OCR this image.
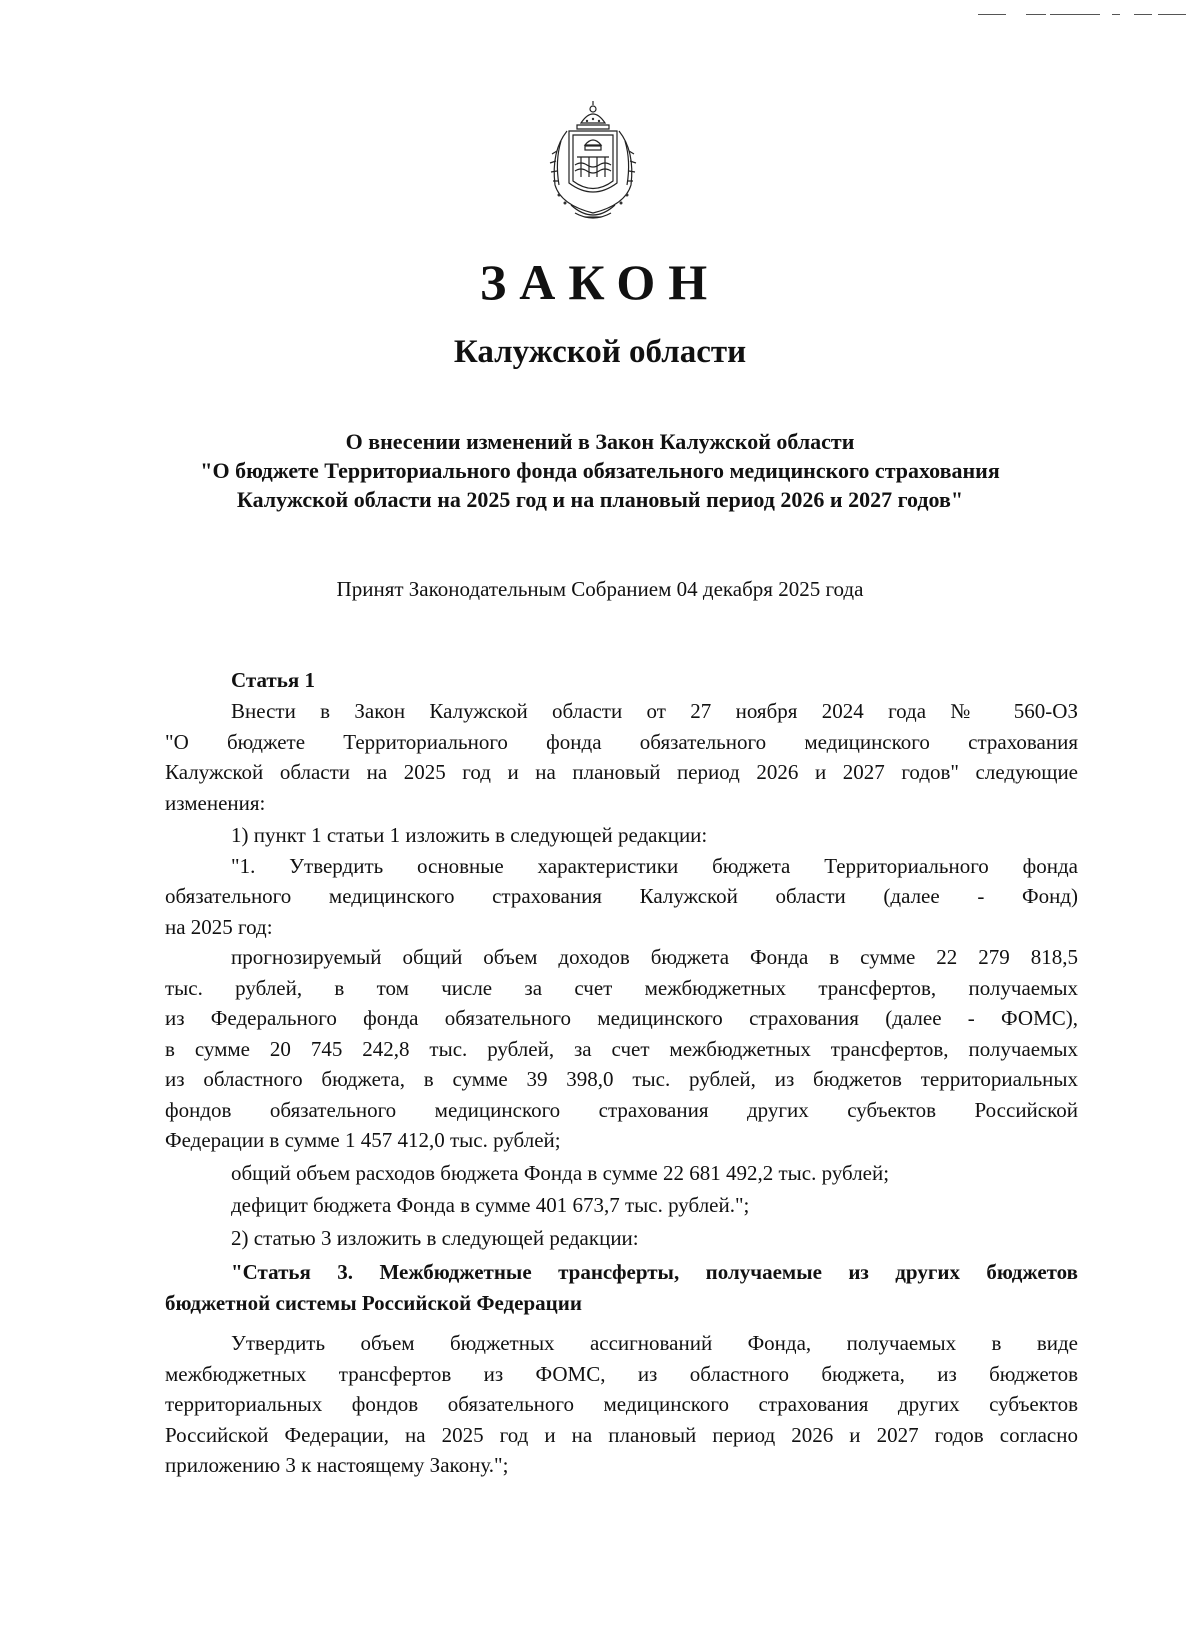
ЗАКОН
Калужской области
О внесении изменений в Закон Калужской области
"О бюджете Территориального фонда обязательного медицинского страхования
Калужской области на 2025 год и на плановый период 2026 и 2027 годов"
Принят Законодательным Собранием 04 декабря 2025 года

Статья 1

Внести в Закон Калужской области от 27 ноября 2024 года № 560-ОЗ

"О бюджете Территориального фонда обязательного медицинского страхования

Калужской области на 2025 год и на плановый период 2026 и 2027 годов" следующие

изменения:

1) пункт 1 статьи 1 изложить в следующей редакции:

"1. Утвердить основные характеристики бюджета Территориального фонда

обязательного медицинского страхования Калужской области (далее - Фонд)

на 2025 год:

прогнозируемый общий объем доходов бюджета Фонда в сумме 22 279 818,5

тыс. рублей, в том числе за счет межбюджетных трансфертов, получаемых

из Федерального фонда обязательного медицинского страхования (далее - ФОМС),

в сумме 20 745 242,8 тыс. рублей, за счет межбюджетных трансфертов, получаемых

из областного бюджета, в сумме 39 398,0 тыс. рублей, из бюджетов территориальных

фондов обязательного медицинского страхования других субъектов Российской

Федерации в сумме 1 457 412,0 тыс. рублей;

общий объем расходов бюджета Фонда в сумме 22 681 492,2 тыс. рублей;

дефицит бюджета Фонда в сумме 401 673,7 тыс. рублей.";

2) статью 3 изложить в следующей редакции:

"Статья 3. Межбюджетные трансферты, получаемые из других бюджетов

бюджетной системы Российской Федерации

Утвердить объем бюджетных ассигнований Фонда, получаемых в виде

межбюджетных трансфертов из ФОМС, из областного бюджета, из бюджетов

территориальных фондов обязательного медицинского страхования других субъектов

Российской Федерации, на 2025 год и на плановый период 2026 и 2027 годов согласно

приложению 3 к настоящему Закону.";
